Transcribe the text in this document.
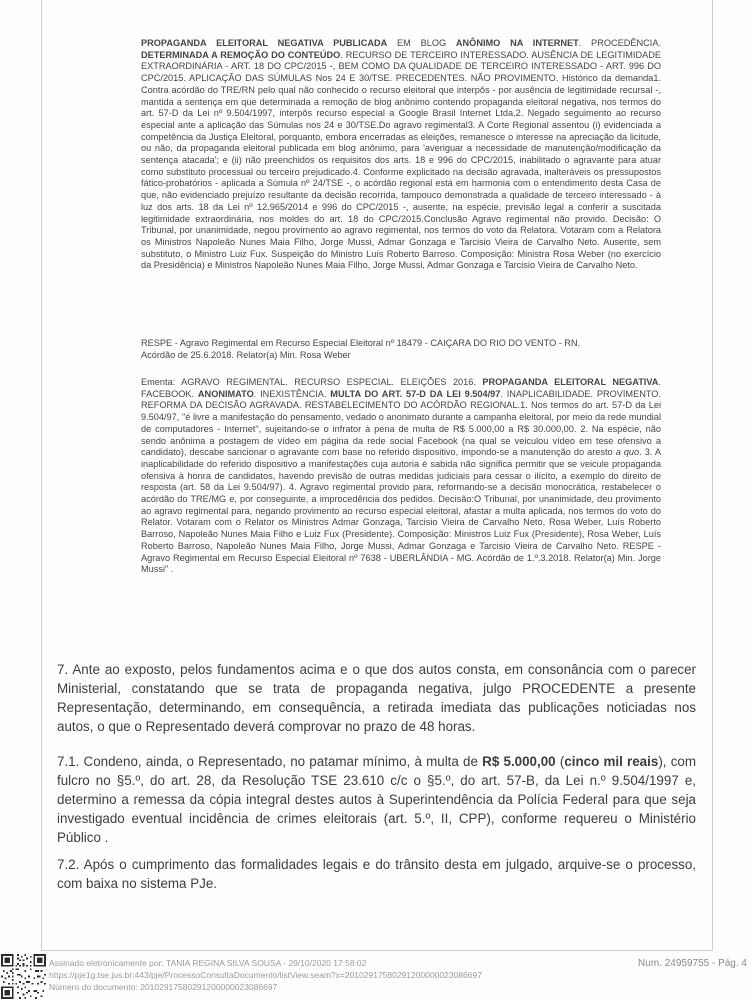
PROPAGANDA ELEITORAL NEGATIVA PUBLICADA EM BLOG ANÔNIMO NA INTERNET. PROCEDÊNCIA. DETERMINADA A REMOÇÃO DO CONTEÚDO. RECURSO DE TERCEIRO INTERESSADO. AUSÊNCIA DE LEGITIMIDADE EXTRAORDINÁRIA - ART. 18 DO CPC/2015 -, BEM COMO DA QUALIDADE DE TERCEIRO INTERESSADO - ART. 996 DO CPC/2015. APLICAÇÃO DAS SÚMULAS Nos 24 E 30/TSE. PRECEDENTES. NÃO PROVIMENTO. Histórico da demanda1. Contra acórdão do TRE/RN pelo qual não conhecido o recurso eleitoral que interpôs - por ausência de legitimidade recursal -, mantida a sentença em que determinada a remoção de blog anônimo contendo propaganda eleitoral negativa, nos termos do art. 57-D da Lei nº 9.504/1997, interpôs recurso especial a Google Brasil Internet Ltda.2. Negado seguimento ao recurso especial ante a aplicação das Súmulas nos 24 e 30/TSE.Do agravo regimental3. A Corte Regional assentou (i) evidenciada a competência da Justiça Eleitoral, porquanto, embora encerradas as eleições, remanesce o interesse na apreciação da licitude, ou não, da propaganda eleitoral publicada em blog anônimo, para 'averiguar a necessidade de manutenção/modificação da sentença atacada'; e (ii) não preenchidos os requisitos dos arts. 18 e 996 do CPC/2015, inabilitado o agravante para atuar como substituto processual ou terceiro prejudicado.4. Conforme explicitado na decisão agravada, inalteráveis os pressupostos fático-probatórios - aplicada a Súmula nº 24/TSE -, o acórdão regional está em harmonia com o entendimento desta Casa de que, não evidenciado prejuízo resultante da decisão recorrida, tampouco demonstrada a qualidade de terceiro interessado - à luz dos arts. 18 da Lei nº 12.965/2014 e 996 do CPC/2015 -, ausente, na espécie, previsão legal a conferir a suscitada legitimidade extraordinária, nos moldes do art. 18 do CPC/2015.Conclusão Agravo regimental não provido. Decisão: O Tribunal, por unanimidade, negou provimento ao agravo regimental, nos termos do voto da Relatora. Votaram com a Relatora os Ministros Napoleão Nunes Maia Filho, Jorge Mussi, Admar Gonzaga e Tarcisio Vieira de Carvalho Neto. Ausente, sem substituto, o Ministro Luiz Fux. Suspeição do Ministro Luís Roberto Barroso. Composição: Ministra Rosa Weber (no exercício da Presidência) e Ministros Napoleão Nunes Maia Filho, Jorge Mussi, Admar Gonzaga e Tarcisio Vieira de Carvalho Neto.
RESPE - Agravo Regimental em Recurso Especial Eleitoral nº 18479 - CAIÇARA DO RIO DO VENTO - RN.
Acórdão de 25.6.2018. Relator(a) Min. Rosa Weber
Ementa: AGRAVO REGIMENTAL. RECURSO ESPECIAL. ELEIÇÕES 2016. PROPAGANDA ELEITORAL NEGATIVA. FACEBOOK. ANONIMATO. INEXISTÊNCIA. MULTA DO ART. 57-D DA LEI 9.504/97. INAPLICABILIDADE. PROVIMENTO. REFORMA DA DECISÃO AGRAVADA. RESTABELECIMENTO DO ACÓRDÃO REGIONAL.1. Nos termos do art. 57-D da Lei 9.504/97, "é livre a manifestação do pensamento, vedado o anonimato durante a campanha eleitoral, por meio da rede mundial de computadores - Internet", sujeitando-se o infrator à pena de multa de R$ 5.000,00 a R$ 30.000,00. 2. Na espécie, não sendo anônima a postagem de vídeo em página da rede social Facebook (na qual se veiculou vídeo em tese ofensivo a candidato), descabe sancionar o agravante com base no referido dispositivo, impondo-se a manutenção do aresto a quo. 3. A inaplicabilidade do referido dispositivo a manifestações cuja autoria é sabida não significa permitir que se veicule propaganda ofensiva à honra de candidatos, havendo previsão de outras medidas judiciais para cessar o ilícito, a exemplo do direito de resposta (art. 58 da Lei 9.504/97). 4. Agravo regimental provido para, reformando-se a decisão monocrática, restabelecer o acórdão do TRE/MG e, por conseguinte, a improcedência dos pedidos. Decisão:O Tribunal, por unanimidade, deu provimento ao agravo regimental para, negando provimento ao recurso especial eleitoral, afastar a multa aplicada, nos termos do voto do Relator. Votaram com o Relator os Ministros Admar Gonzaga, Tarcisio Vieira de Carvalho Neto, Rosa Weber, Luís Roberto Barroso, Napoleão Nunes Maia Filho e Luiz Fux (Presidente). Composição: Ministros Luiz Fux (Presidente), Rosa Weber, Luís Roberto Barroso, Napoleão Nunes Maia Filho, Jorge Mussi, Admar Gonzaga e Tarcisio Vieira de Carvalho Neto. RESPE - Agravo Regimental em Recurso Especial Eleitoral nº 7638 - UBERLÂNDIA - MG. Acórdão de 1.º.3.2018. Relator(a) Min. Jorge Mussi" .
7. Ante ao exposto, pelos fundamentos acima e o que dos autos consta, em consonância com o parecer Ministerial, constatando que se trata de propaganda negativa, julgo PROCEDENTE a presente Representação, determinando, em consequência, a retirada imediata das publicações noticiadas nos autos, o que o Representado deverá comprovar no prazo de 48 horas.
7.1. Condeno, ainda, o Representado, no patamar mínimo, à multa de R$ 5.000,00 (cinco mil reais), com fulcro no §5.º, do art. 28, da Resolução TSE 23.610 c/c o §5.º, do art. 57-B, da Lei n.º 9.504/1997 e, determino a remessa da cópia integral destes autos à Superintendência da Polícia Federal para que seja investigado eventual incidência de crimes eleitorais (art. 5.º, II, CPP), conforme requereu o Ministério Público .
7.2. Após o cumprimento das formalidades legais e do trânsito desta em julgado, arquive-se o processo, com baixa no sistema PJe.
Assinado eletronicamente por: TANIA REGINA SILVA SOUSA - 29/10/2020 17:58:02
https://pje1g.tse.jus.br:443/pje/ProcessoConsultaDocumento/listView.seam?x=20102917580291200000023086697
Número do documento: 20102917580291200000023086697
Num. 24959755 - Pág. 4
